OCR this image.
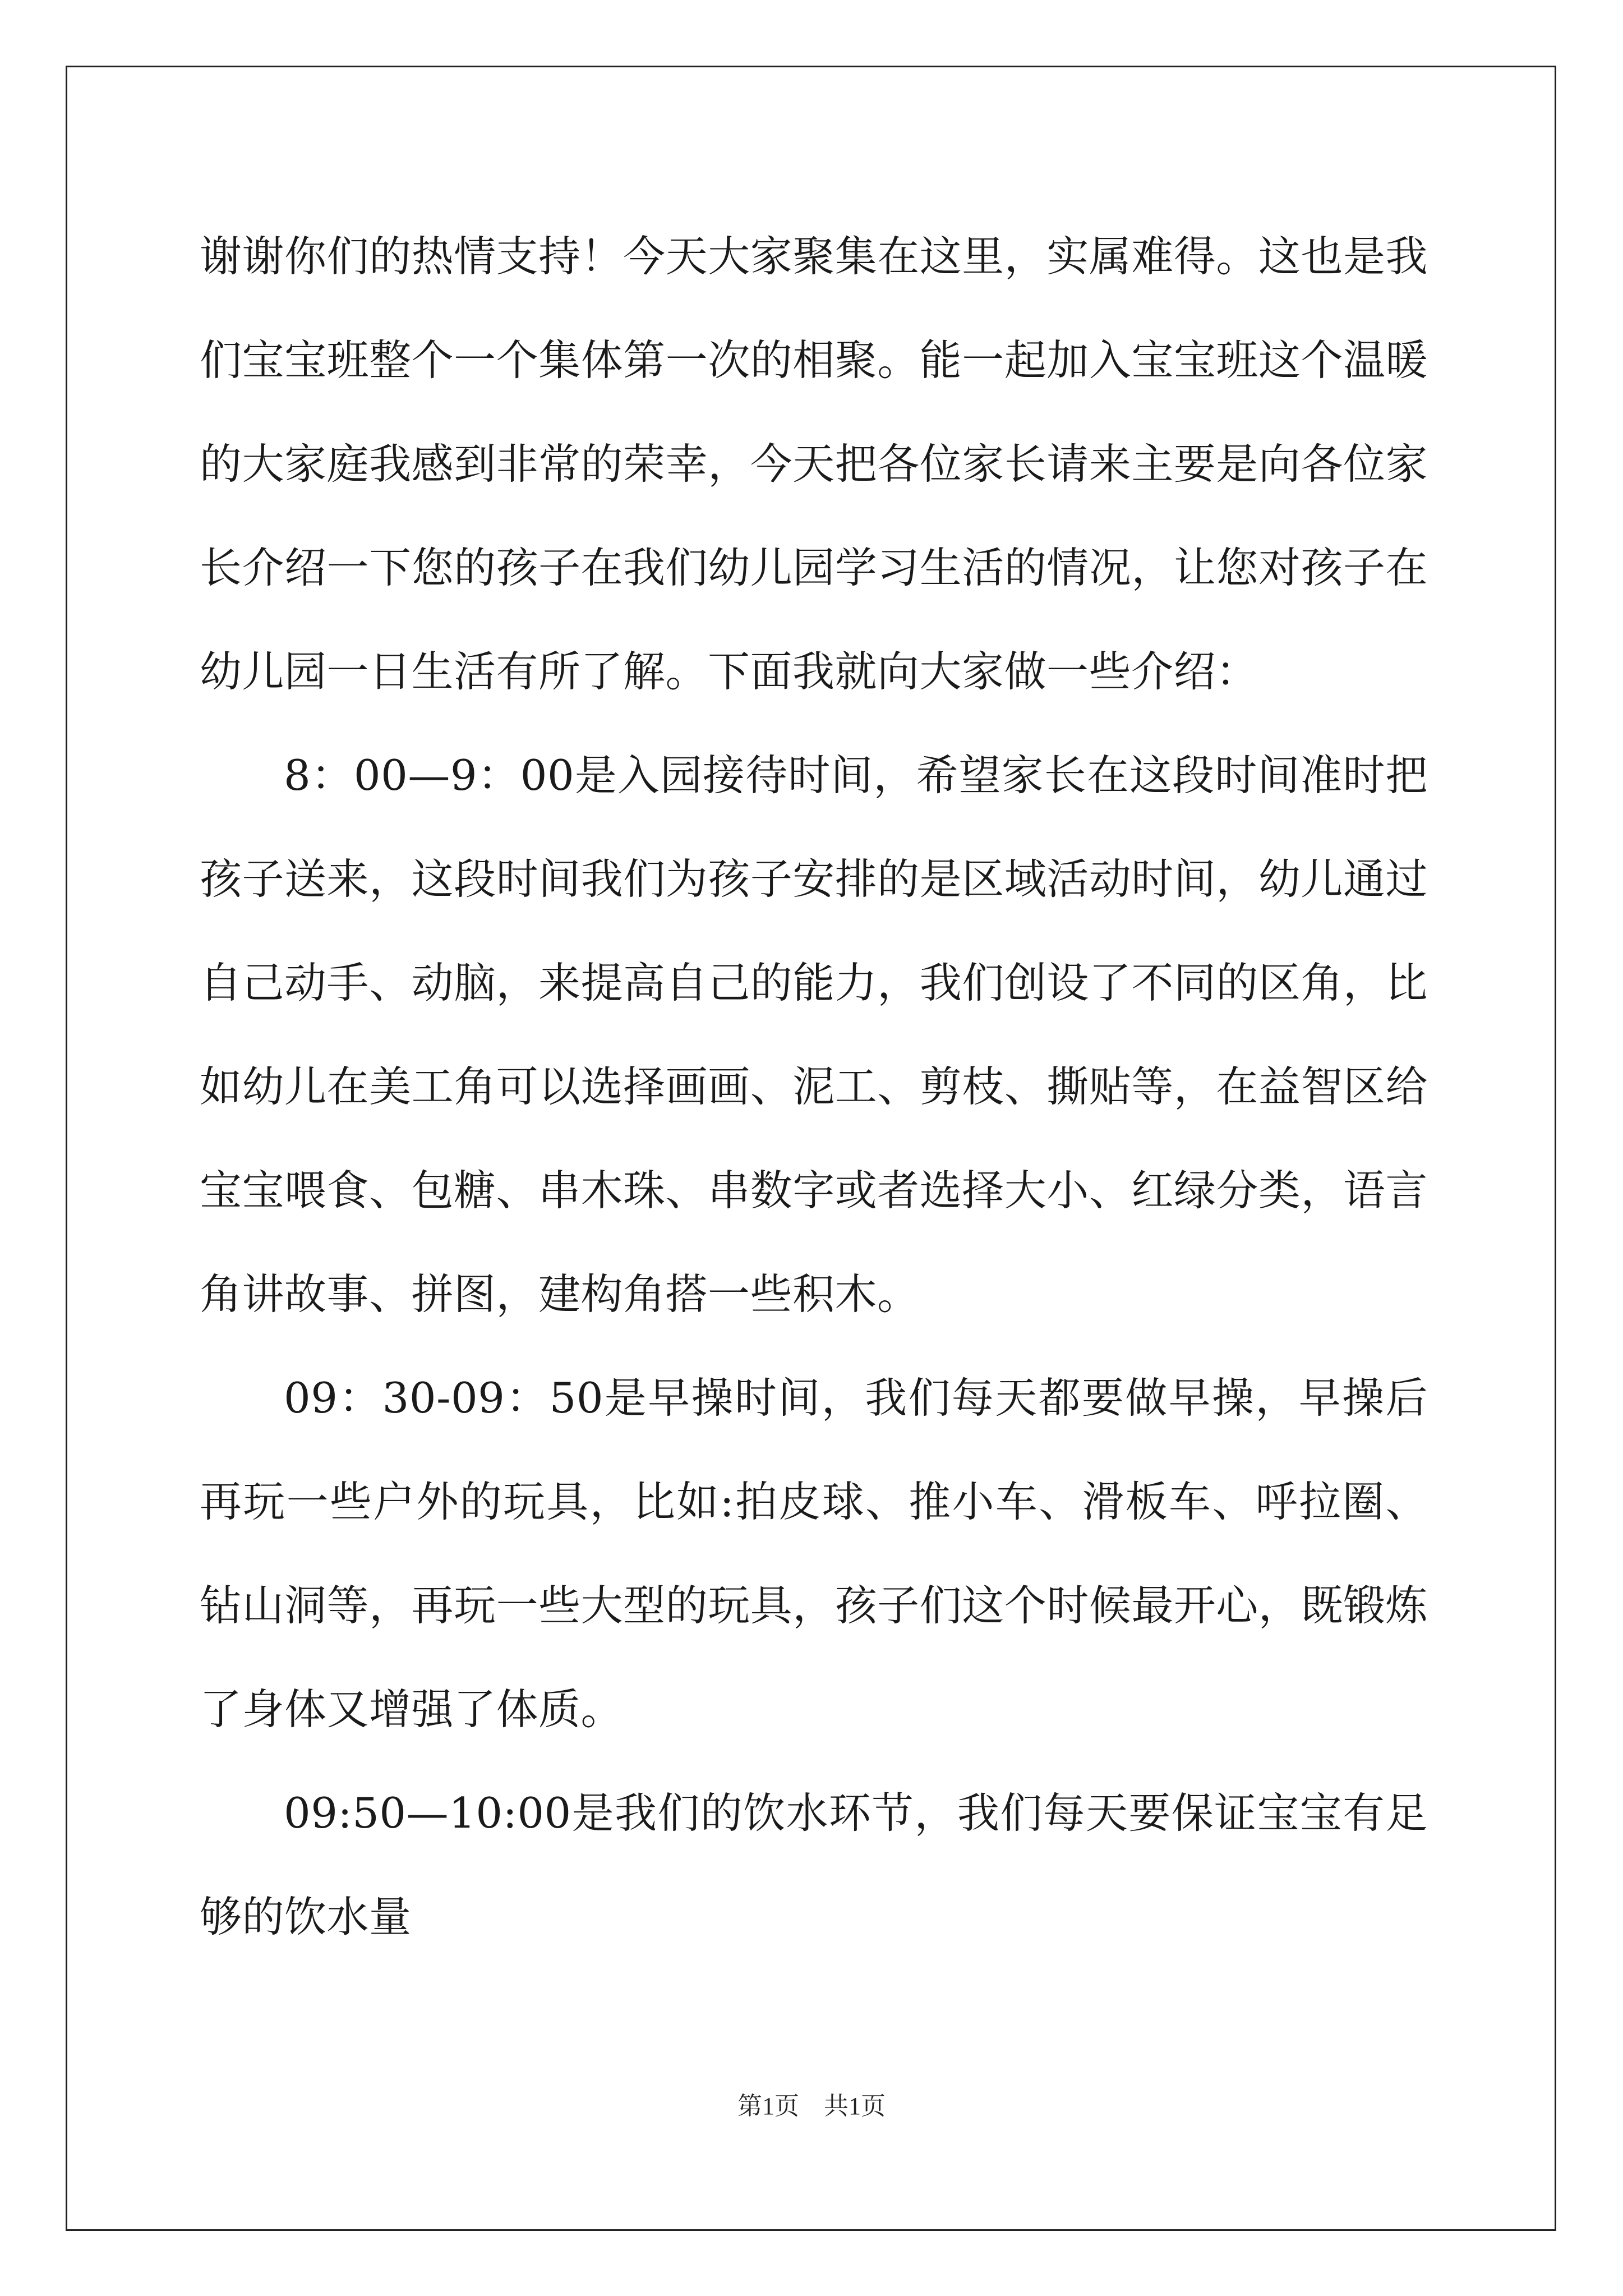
谢谢你们的热情支持！今天大家聚集在这里，实属难得。这也是我们宝宝班整个一个集体第一次的相聚。能一起加入宝宝班这个温暖的大家庭我感到非常的荣幸，今天把各位家长请来主要是向各位家长介绍一下您的孩子在我们幼儿园学习生活的情况，让您对孩子在幼儿园一日生活有所了解。下面我就向大家做一些介绍：

8：00—9：00是入园接待时间，希望家长在这段时间准时把孩子送来，这段时间我们为孩子安排的是区域活动时间，幼儿通过自己动手、动脑，来提高自己的能力，我们创设了不同的区角，比如幼儿在美工角可以选择画画、泥工、剪枝、撕贴等，在益智区给宝宝喂食、包糖、串木珠、串数字或者选择大小、红绿分类，语言角讲故事、拼图，建构角搭一些积木。

09：30-09：50是早操时间，我们每天都要做早操，早操后再玩一些户外的玩具，比如:拍皮球、推小车、滑板车、呼拉圈、钻山洞等，再玩一些大型的玩具，孩子们这个时候最开心，既锻炼了身体又增强了体质。

09:50—10:00是我们的饮水环节，我们每天要保证宝宝有足够的饮水量

第1页 共1页
